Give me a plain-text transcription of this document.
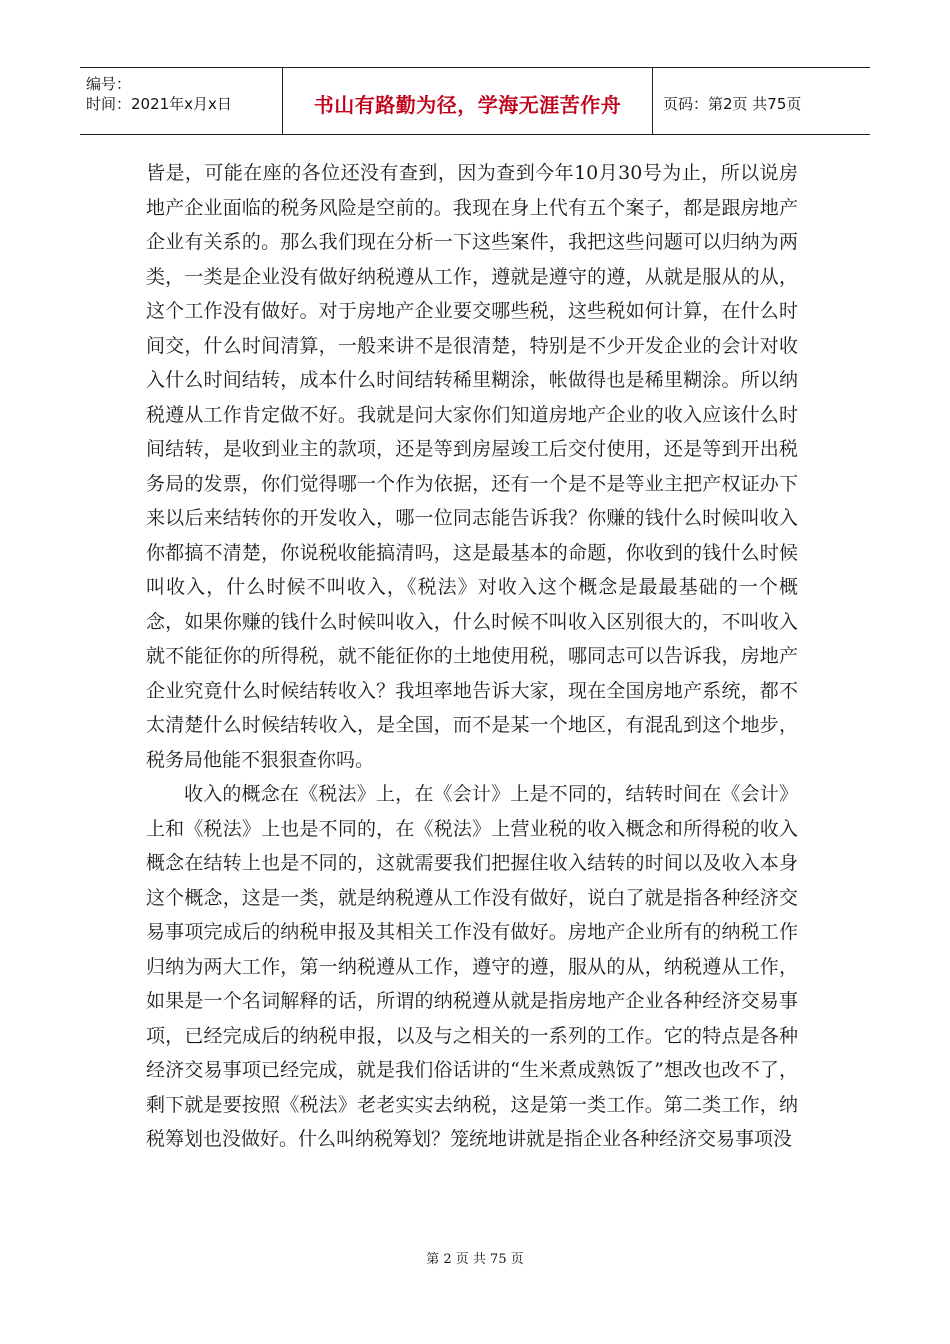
编号：
时间：2021年x月x日	书山有路勤为径，学海无涯苦作舟	页码：第2页 共75页

皆是，可能在座的各位还没有查到，因为查到今年10月30号为止，所以说房地产企业面临的税务风险是空前的。我现在身上代有五个案子，都是跟房地产企业有关系的。那么我们现在分析一下这些案件，我把这些问题可以归纳为两类，一类是企业没有做好纳税遵从工作，遵就是遵守的遵，从就是服从的从，这个工作没有做好。对于房地产企业要交哪些税，这些税如何计算，在什么时间交，什么时间清算，一般来讲不是很清楚，特别是不少开发企业的会计对收入什么时间结转，成本什么时间结转稀里糊涂，帐做得也是稀里糊涂。所以纳税遵从工作肯定做不好。我就是问大家你们知道房地产企业的收入应该什么时间结转，是收到业主的款项，还是等到房屋竣工后交付使用，还是等到开出税务局的发票，你们觉得哪一个作为依据，还有一个是不是等业主把产权证办下来以后来结转你的开发收入，哪一位同志能告诉我？你赚的钱什么时候叫收入你都搞不清楚，你说税收能搞清吗，这是最基本的命题，你收到的钱什么时候叫收入，什么时候不叫收入，《税法》对收入这个概念是最最基础的一个概念，如果你赚的钱什么时候叫收入，什么时候不叫收入区别很大的，不叫收入就不能征你的所得税，就不能征你的土地使用税，哪同志可以告诉我，房地产企业究竟什么时候结转收入？我坦率地告诉大家，现在全国房地产系统，都不太清楚什么时候结转收入，是全国，而不是某一个地区，有混乱到这个地步，税务局他能不狠狠查你吗。

收入的概念在《税法》上，在《会计》上是不同的，结转时间在《会计》上和《税法》上也是不同的，在《税法》上营业税的收入概念和所得税的收入概念在结转上也是不同的，这就需要我们把握住收入结转的时间以及收入本身这个概念，这是一类，就是纳税遵从工作没有做好，说白了就是指各种经济交易事项完成后的纳税申报及其相关工作没有做好。房地产企业所有的纳税工作归纳为两大工作，第一纳税遵从工作，遵守的遵，服从的从，纳税遵从工作，如果是一个名词解释的话，所谓的纳税遵从就是指房地产企业各种经济交易事项，已经完成后的纳税申报，以及与之相关的一系列的工作。它的特点是各种经济交易事项已经完成，就是我们俗话讲的“生米煮成熟饭了”想改也改不了，剩下就是要按照《税法》老老实实去纳税，这是第一类工作。第二类工作，纳税筹划也没做好。什么叫纳税筹划？笼统地讲就是指企业各种经济交易事项没

第 2 页 共 75 页
